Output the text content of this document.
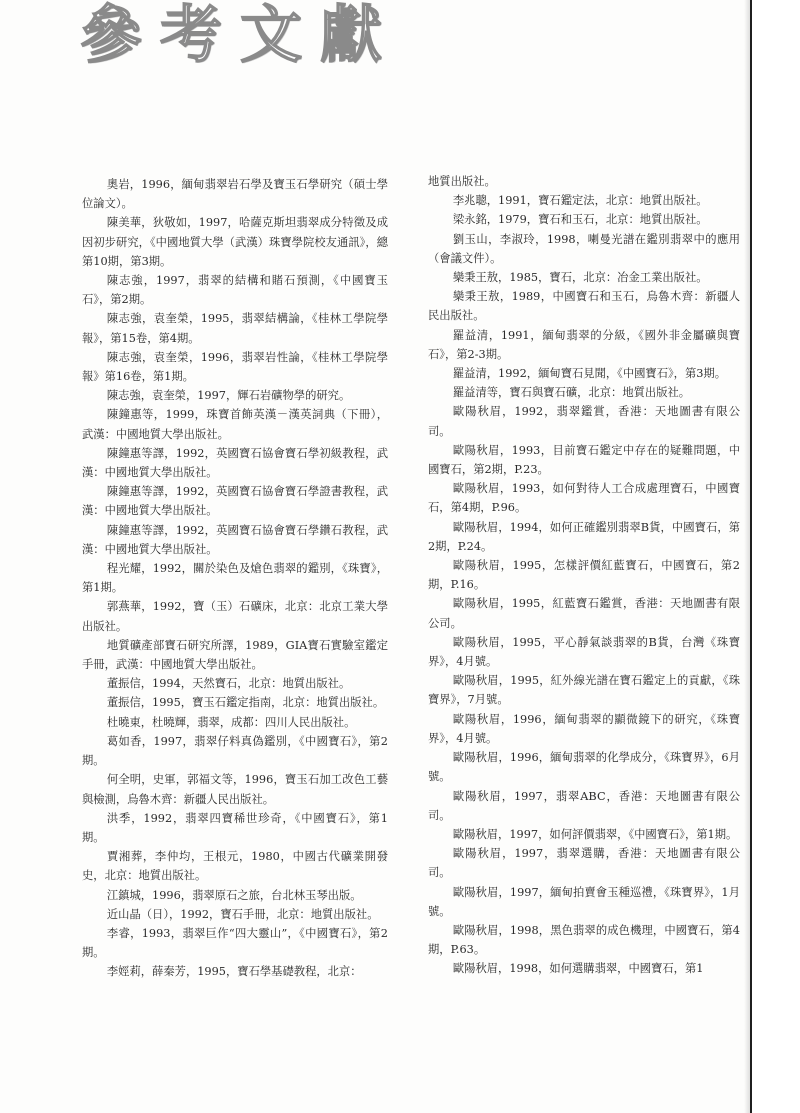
參考文獻

奧岩，1996，緬甸翡翠岩石學及寶玉石學研究（碩士學位論文）。

陳美華，狄敬如，1997，哈薩克斯坦翡翠成分特徵及成因初步研究，《中國地質大學（武漢）珠寶學院校友通訊》，總第10期，第3期。

陳志強，1997，翡翠的結構和賭石預測，《中國寶玉石》，第2期。

陳志強，袁奎榮，1995，翡翠結構論，《桂林工學院學報》，第15卷，第4期。

陳志強，袁奎榮，1996，翡翠岩性論，《桂林工學院學報》第16卷，第1期。

陳志強，袁奎榮，1997，輝石岩礦物學的研究。

陳鐘惠等，1999，珠寶首飾英漢－漢英詞典（下冊），武漢：中國地質大學出版社。

陳鐘惠等譯，1992，英國寶石協會寶石學初級教程，武漢：中國地質大學出版社。

陳鐘惠等譯，1992，英國寶石協會寶石學證書教程，武漢：中國地質大學出版社。

陳鐘惠等譯，1992，英國寶石協會寶石學鑽石教程，武漢：中國地質大學出版社。

程光耀，1992，關於染色及熗色翡翠的鑑別，《珠寶》，第1期。

郭燕華，1992，寶（玉）石礦床，北京：北京工業大學出版社。

地質礦產部寶石研究所譯，1989，GIA寶石實驗室鑑定手冊，武漢：中國地質大學出版社。

董振信，1994，天然寶石，北京：地質出版社。

董振信，1995，寶玉石鑑定指南，北京：地質出版社。

杜曉東，杜曉輝，翡翠，成都：四川人民出版社。

葛如香，1997，翡翠仔料真偽鑑別，《中國寶石》，第2期。

何全明，史軍，郭福文等，1996，寶玉石加工改色工藝與檢測，烏魯木齊：新疆人民出版社。

洪季，1992，翡翠四寶稀世珍奇，《中國寶石》，第1期。

賈湘葬，李仲均，王根元，1980，中國古代礦業開發史，北京：地質出版社。

江鎮城，1996，翡翠原石之旅，台北林玉琴出版。

近山晶（日），1992，寶石手冊，北京：地質出版社。

李睿，1993，翡翠巨作“四大靈山”，《中國寶石》，第2期。

李娙莉，薛秦芳，1995，寶石學基礎教程，北京：

地質出版社。

李兆聰，1991，寶石鑑定法，北京：地質出版社。

梁永銘，1979，寶石和玉石，北京：地質出版社。

劉玉山，李淑玲，1998，喇曼光譜在鑑別翡翠中的應用（會議文件）。

欒秉王敖，1985，寶石，北京：冶金工業出版社。

欒秉王敖，1989，中國寶石和玉石，烏魯木齊：新疆人民出版社。

羅益清，1991，緬甸翡翠的分級，《國外非金屬礦與寶石》，第2-3期。

羅益清，1992，緬甸寶石見聞，《中國寶石》，第3期。

羅益清等，寶石與寶石礦，北京：地質出版社。

歐陽秋眉，1992，翡翠鑑賞，香港：天地圖書有限公司。

歐陽秋眉，1993，目前寶石鑑定中存在的疑難問題，中國寶石，第2期，P.23。

歐陽秋眉，1993，如何對待人工合成處理寶石，中國寶石，第4期，P.96。

歐陽秋眉，1994，如何正確鑑別翡翠B貨，中國寶石，第2期，P.24。

歐陽秋眉，1995，怎樣評價紅藍寶石，中國寶石，第2期，P.16。

歐陽秋眉，1995，紅藍寶石鑑賞，香港：天地圖書有限公司。

歐陽秋眉，1995，平心靜氣談翡翠的B貨，台灣《珠寶界》，4月號。

歐陽秋眉，1995，紅外線光譜在寶石鑑定上的貢獻，《珠寶界》，7月號。

歐陽秋眉，1996，緬甸翡翠的顯微鏡下的研究，《珠寶界》，4月號。

歐陽秋眉，1996，緬甸翡翠的化學成分，《珠寶界》，6月號。

歐陽秋眉，1997，翡翠ABC，香港：天地圖書有限公司。

歐陽秋眉，1997，如何評價翡翠，《中國寶石》，第1期。

歐陽秋眉，1997，翡翠選購，香港：天地圖書有限公司。

歐陽秋眉，1997，緬甸拍賣會玉種巡禮，《珠寶界》，1月號。

歐陽秋眉，1998，黑色翡翠的成色機理，中國寶石，第4期，P.63。

歐陽秋眉，1998，如何選購翡翠，中國寶石，第1
